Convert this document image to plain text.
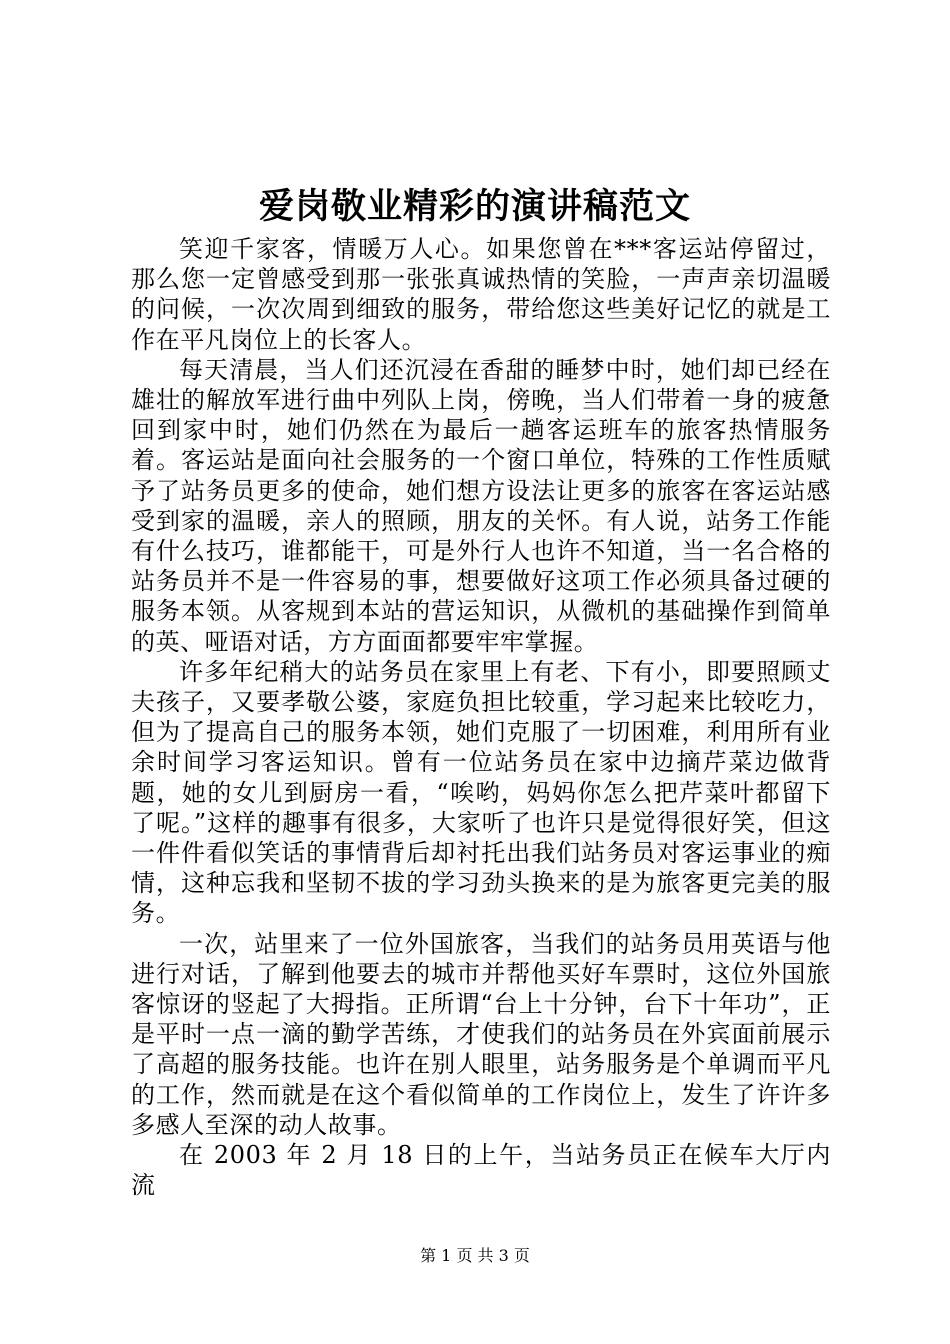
爱岗敬业精彩的演讲稿范文

笑迎千家客，情暖万人心。如果您曾在***客运站停留过，那么您一定曾感受到那一张张真诚热情的笑脸，一声声亲切温暖的问候，一次次周到细致的服务，带给您这些美好记忆的就是工作在平凡岗位上的长客人。

每天清晨，当人们还沉浸在香甜的睡梦中时，她们却已经在雄壮的解放军进行曲中列队上岗，傍晚，当人们带着一身的疲惫回到家中时，她们仍然在为最后一趟客运班车的旅客热情服务着。客运站是面向社会服务的一个窗口单位，特殊的工作性质赋予了站务员更多的使命，她们想方设法让更多的旅客在客运站感受到家的温暖，亲人的照顾，朋友的关怀。有人说，站务工作能有什么技巧，谁都能干，可是外行人也许不知道，当一名合格的站务员并不是一件容易的事，想要做好这项工作必须具备过硬的服务本领。从客规到本站的营运知识，从微机的基础操作到简单的英、哑语对话，方方面面都要牢牢掌握。

许多年纪稍大的站务员在家里上有老、下有小，即要照顾丈夫孩子，又要孝敬公婆，家庭负担比较重，学习起来比较吃力，但为了提高自己的服务本领，她们克服了一切困难，利用所有业余时间学习客运知识。曾有一位站务员在家中边摘芹菜边做背题，她的女儿到厨房一看，“唉哟，妈妈你怎么把芹菜叶都留下了呢。”这样的趣事有很多，大家听了也许只是觉得很好笑，但这一件件看似笑话的事情背后却衬托出我们站务员对客运事业的痴情，这种忘我和坚韧不拔的学习劲头换来的是为旅客更完美的服务。

一次，站里来了一位外国旅客，当我们的站务员用英语与他进行对话，了解到他要去的城市并帮他买好车票时，这位外国旅客惊讶的竖起了大拇指。正所谓“台上十分钟，台下十年功”，正是平时一点一滴的勤学苦练，才使我们的站务员在外宾面前展示了高超的服务技能。也许在别人眼里，站务服务是个单调而平凡的工作，然而就是在这个看似简单的工作岗位上，发生了许许多多感人至深的动人故事。

在 2003 年 2 月 18 日的上午，当站务员正在候车大厅内流

第 1 页 共 3 页
